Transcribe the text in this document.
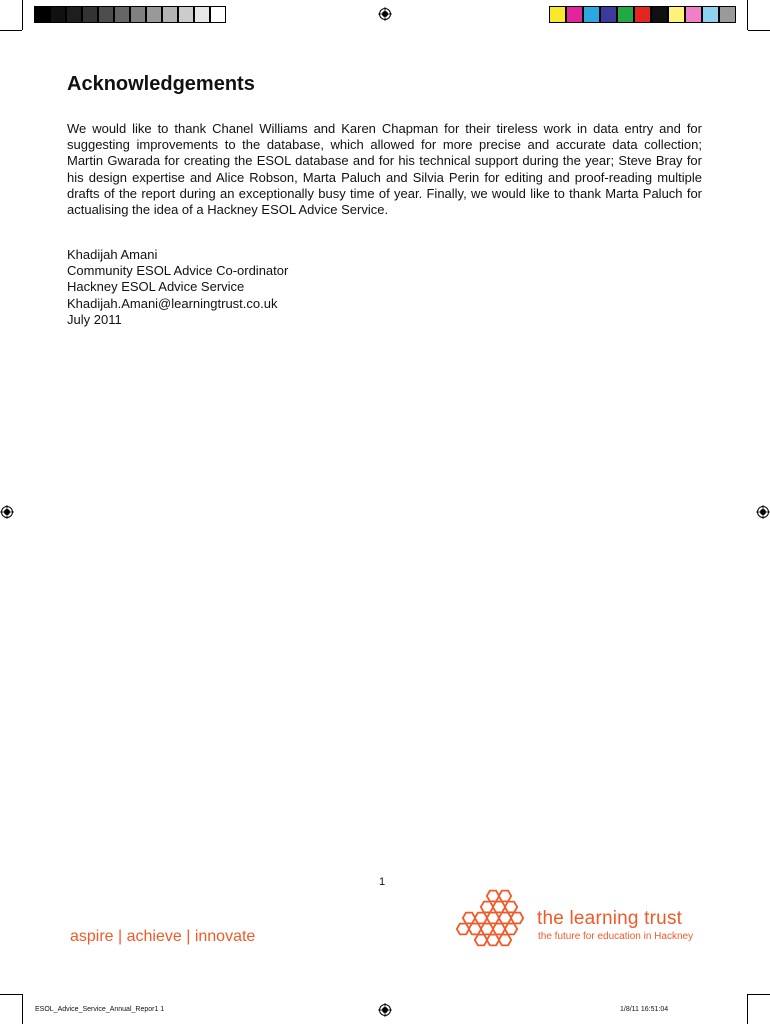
Acknowledgements

We would like to thank Chanel Williams and Karen Chapman for their tireless work in data entry and for suggesting improvements to the database, which allowed for more precise and accurate data collection; Martin Gwarada for creating the ESOL database and for his technical support during the year; Steve Bray for his design expertise and Alice Robson, Marta Paluch and Silvia Perin for editing and proof-reading multiple drafts of the report during an exceptionally busy time of year. Finally, we would like to thank Marta Paluch for actualising the idea of a Hackney ESOL Advice Service.

Khadijah Amani
Community ESOL Advice Co-ordinator
Hackney ESOL Advice Service
Khadijah.Amani@learningtrust.co.uk
July 2011
1
aspire | achieve | innovate
the learning trust
the future for education in Hackney
ESOL_Advice_Service_Annual_Repor1 1	1/8/11 16:51:04
